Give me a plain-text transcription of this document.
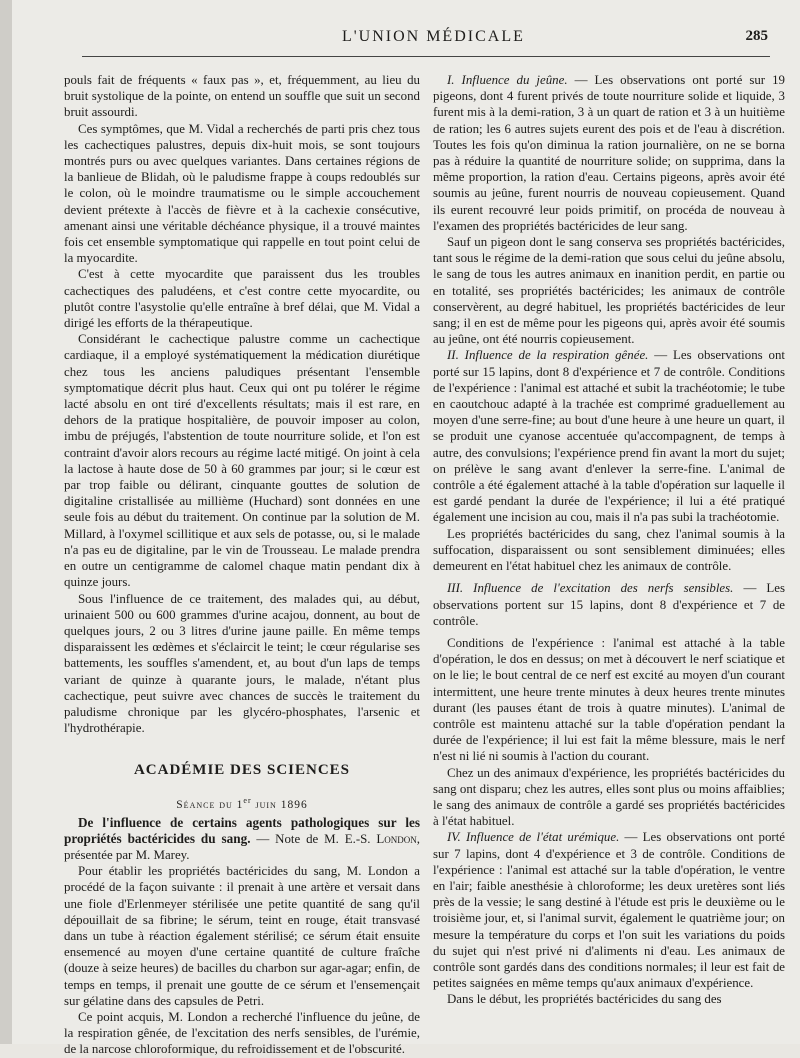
L'UNION MÉDICALE	285

pouls fait de fréquents « faux pas », et, fréquemment, au lieu du bruit systolique de la pointe, on entend un souffle que suit un second bruit assourdi.

Ces symptômes, que M. Vidal a recherchés de parti pris chez tous les cachectiques palustres, depuis dix-huit mois, se sont toujours montrés purs ou avec quelques variantes. Dans certaines régions de la banlieue de Blidah, où le paludisme frappe à coups redoublés sur le colon, où le moindre traumatisme ou le simple accouchement devient prétexte à l'accès de fièvre et à la cachexie consécutive, amenant ainsi une véritable déchéance physique, il a trouvé maintes fois cet ensemble symptomatique qui rappelle en tout point celui de la myocardite.

C'est à cette myocardite que paraissent dus les troubles cachectiques des paludéens, et c'est contre cette myocardite, ou plutôt contre l'asystolie qu'elle entraîne à bref délai, que M. Vidal a dirigé les efforts de la thérapeutique.

Considérant le cachectique palustre comme un cachectique cardiaque, il a employé systématiquement la médication diurétique chez tous les anciens paludiques présentant l'ensemble symptomatique décrit plus haut. Ceux qui ont pu tolérer le régime lacté absolu en ont tiré d'excellents résultats; mais il est rare, en dehors de la pratique hospitalière, de pouvoir imposer au colon, imbu de préjugés, l'abstention de toute nourriture solide, et l'on est contraint d'avoir alors recours au régime lacté mitigé. On joint à cela la lactose à haute dose de 50 à 60 grammes par jour; si le cœur est par trop faible ou délirant, cinquante gouttes de solution de digitaline cristallisée au millième (Huchard) sont données en une seule fois au début du traitement. On continue par la solution de M. Millard, à l'oxymel scillitique et aux sels de potasse, ou, si le malade n'a pas eu de digitaline, par le vin de Trousseau. Le malade prendra en outre un centigramme de calomel chaque matin pendant dix à quinze jours.

Sous l'influence de ce traitement, des malades qui, au début, urinaient 500 ou 600 grammes d'urine acajou, donnent, au bout de quelques jours, 2 ou 3 litres d'urine jaune paille. En même temps disparaissent les œdèmes et s'éclaircit le teint; le cœur régularise ses battements, les souffles s'amendent, et, au bout d'un laps de temps variant de quinze à quarante jours, le malade, n'étant plus cachectique, peut suivre avec chances de succès le traitement du paludisme chronique par les glycéro-phosphates, l'arsenic et l'hydrothérapie.

ACADÉMIE DES SCIENCES
Séance du 1er juin 1896

De l'influence de certains agents pathologiques sur les propriétés bactéricides du sang. — Note de M. E.-S. London, présentée par M. Marey.

Pour établir les propriétés bactéricides du sang, M. London a procédé de la façon suivante : il prenait à une artère et versait dans une fiole d'Erlenmeyer stérilisée une petite quantité de sang qu'il dépouillait de sa fibrine; le sérum, teint en rouge, était transvasé dans un tube à réaction également stérilisé; ce sérum était ensuite ensemencé au moyen d'une certaine quantité de culture fraîche (douze à seize heures) de bacilles du charbon sur agar-agar; enfin, de temps en temps, il prenait une goutte de ce sérum et l'ensemençait sur gélatine dans des capsules de Petri.

Ce point acquis, M. London a recherché l'influence du jeûne, de la respiration gênée, de l'excitation des nerfs sensibles, de l'urémie, de la narcose chloroformique, du refroidissement et de l'obscurité.

I. Influence du jeûne. — Les observations ont porté sur 19 pigeons, dont 4 furent privés de toute nourriture solide et liquide, 3 furent mis à la demi-ration, 3 à un quart de ration et 3 à un huitième de ration; les 6 autres sujets eurent des pois et de l'eau à discrétion. Toutes les fois qu'on diminua la ration journalière, on ne se borna pas à réduire la quantité de nourriture solide; on supprima, dans la même proportion, la ration d'eau. Certains pigeons, après avoir été soumis au jeûne, furent nourris de nouveau copieusement. Quand ils eurent recouvré leur poids primitif, on procéda de nouveau à l'examen des propriétés bactéricides de leur sang.

Sauf un pigeon dont le sang conserva ses propriétés bactéricides, tant sous le régime de la demi-ration que sous celui du jeûne absolu, le sang de tous les autres animaux en inanition perdit, en partie ou en totalité, ses propriétés bactéricides; les animaux de contrôle conservèrent, au degré habituel, les propriétés bactéricides de leur sang; il en est de même pour les pigeons qui, après avoir été soumis au jeûne, ont été nourris copieusement.

II. Influence de la respiration gênée. — Les observations ont porté sur 15 lapins, dont 8 d'expérience et 7 de contrôle. Conditions de l'expérience : l'animal est attaché et subit la trachéotomie; le tube en caoutchouc adapté à la trachée est comprimé graduellement au moyen d'une serre-fine; au bout d'une heure à une heure un quart, il se produit une cyanose accentuée qu'accompagnent, de temps à autre, des convulsions; l'expérience prend fin avant la mort du sujet; on prélève le sang avant d'enlever la serre-fine. L'animal de contrôle a été également attaché à la table d'opération sur laquelle il est gardé pendant la durée de l'expérience; il lui a été pratiqué également une incision au cou, mais il n'a pas subi la trachéotomie.

Les propriétés bactéricides du sang, chez l'animal soumis à la suffocation, disparaissent ou sont sensiblement diminuées; elles demeurent en l'état habituel chez les animaux de contrôle.

III. Influence de l'excitation des nerfs sensibles. — Les observations portent sur 15 lapins, dont 8 d'expérience et 7 de contrôle.

Conditions de l'expérience : l'animal est attaché à la table d'opération, le dos en dessus; on met à découvert le nerf sciatique et on le lie; le bout central de ce nerf est excité au moyen d'un courant intermittent, une heure trente minutes à deux heures trente minutes durant (les pauses étant de trois à quatre minutes). L'animal de contrôle est maintenu attaché sur la table d'opération pendant la durée de l'expérience; il lui est fait la même blessure, mais le nerf n'est ni lié ni soumis à l'action du courant.

Chez un des animaux d'expérience, les propriétés bactéricides du sang ont disparu; chez les autres, elles sont plus ou moins affaiblies; le sang des animaux de contrôle a gardé ses propriétés bactéricides à l'état habituel.

IV. Influence de l'état urémique. — Les observations ont porté sur 7 lapins, dont 4 d'expérience et 3 de contrôle. Conditions de l'expérience : l'animal est attaché sur la table d'opération, le ventre en l'air; faible anesthésie à chloroforme; les deux uretères sont liés près de la vessie; le sang destiné à l'étude est pris le deuxième ou le troisième jour, et, si l'animal survit, également le quatrième jour; on mesure la température du corps et l'on suit les variations du poids du sujet qui n'est privé ni d'aliments ni d'eau. Les animaux de contrôle sont gardés dans des conditions normales; il leur est fait de petites saignées en même temps qu'aux animaux d'expérience.

Dans le début, les propriétés bactéricides du sang des
